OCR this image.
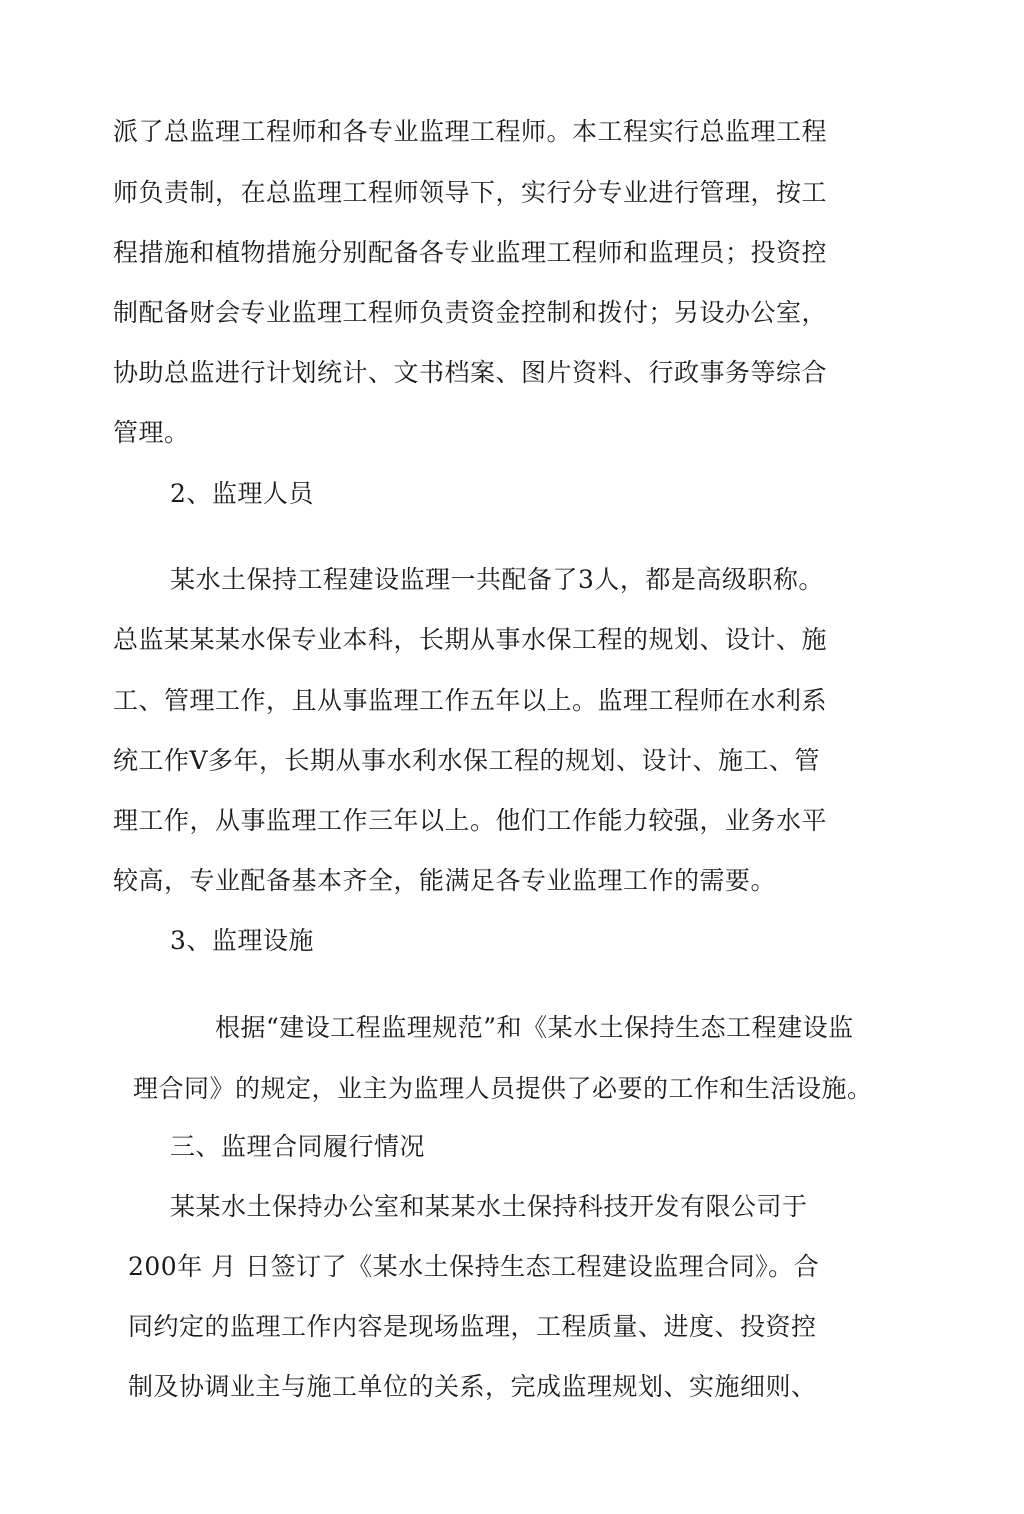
派了总监理工程师和各专业监理工程师。本工程实行总监理工程
师负责制，在总监理工程师领导下，实行分专业进行管理，按工
程措施和植物措施分别配备各专业监理工程师和监理员；投资控
制配备财会专业监理工程师负责资金控制和拨付；另设办公室，
协助总监进行计划统计、文书档案、图片资料、行政事务等综合
管理。
2、监理人员
某水土保持工程建设监理一共配备了3人，都是高级职称。
总监某某某水保专业本科，长期从事水保工程的规划、设计、施
工、管理工作，且从事监理工作五年以上。监理工程师在水利系
统工作V多年，长期从事水利水保工程的规划、设计、施工、管
理工作，从事监理工作三年以上。他们工作能力较强，业务水平
较高，专业配备基本齐全，能满足各专业监理工作的需要。
3、监理设施
根据“建设工程监理规范”和《某水土保持生态工程建设监
理合同》的规定，业主为监理人员提供了必要的工作和生活设施。
三、监理合同履行情况
某某水土保持办公室和某某水土保持科技开发有限公司于
200年 月 日签订了《某水土保持生态工程建设监理合同》。合
同约定的监理工作内容是现场监理，工程质量、进度、投资控
制及协调业主与施工单位的关系，完成监理规划、实施细则、
